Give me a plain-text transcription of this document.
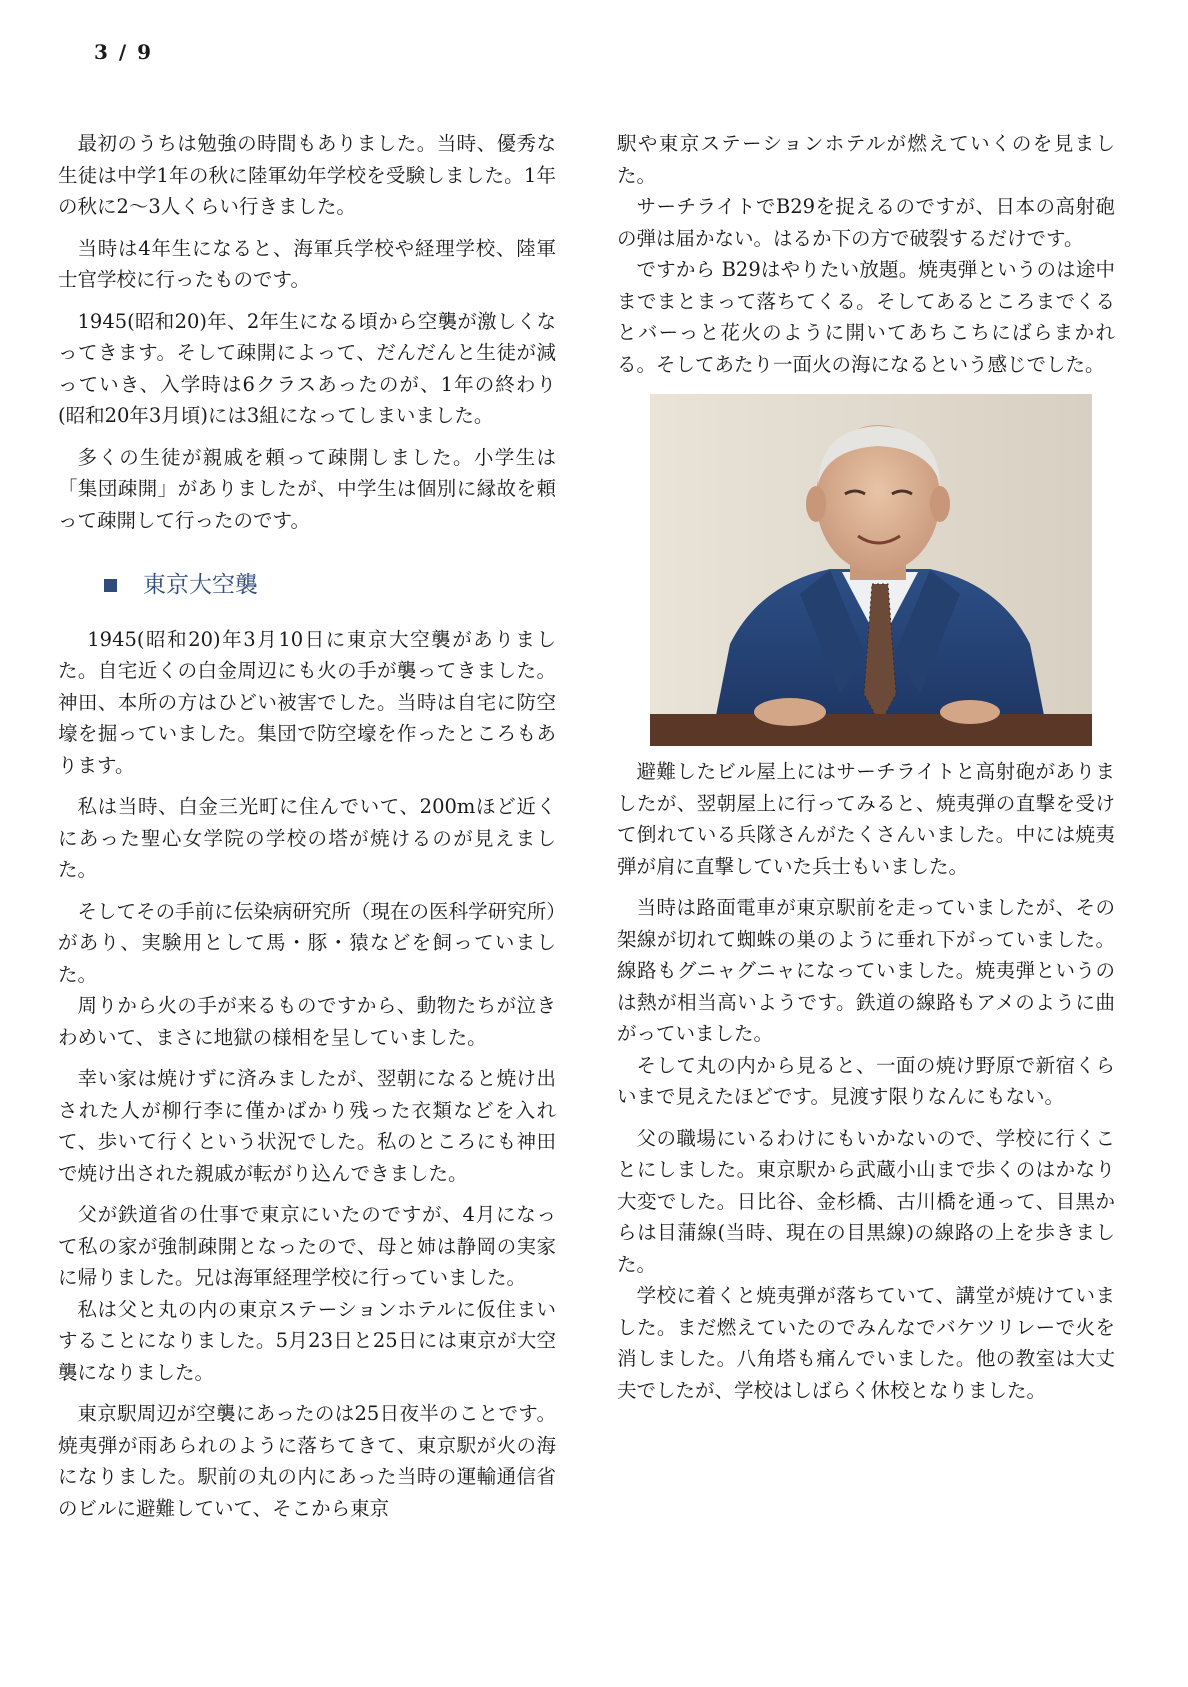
3 / 9

最初のうちは勉強の時間もありました。当時、優秀な生徒は中学1年の秋に陸軍幼年学校を受験しました。1年の秋に2〜3人くらい行きました。

当時は4年生になると、海軍兵学校や経理学校、陸軍士官学校に行ったものです。

1945(昭和20)年、2年生になる頃から空襲が激しくなってきます。そして疎開によって、だんだんと生徒が減っていき、入学時は6クラスあったのが、1年の終わり(昭和20年3月頃)には3組になってしまいました。

多くの生徒が親戚を頼って疎開しました。小学生は「集団疎開」がありましたが、中学生は個別に縁故を頼って疎開して行ったのです。

東京大空襲

1945(昭和20)年3月10日に東京大空襲がありました。自宅近くの白金周辺にも火の手が襲ってきました。神田、本所の方はひどい被害でした。当時は自宅に防空壕を掘っていました。集団で防空壕を作ったところもあります。

私は当時、白金三光町に住んでいて、200mほど近くにあった聖心女学院の学校の塔が焼けるのが見えました。

そしてその手前に伝染病研究所（現在の医科学研究所）があり、実験用として馬・豚・猿などを飼っていました。

周りから火の手が来るものですから、動物たちが泣きわめいて、まさに地獄の様相を呈していました。

幸い家は焼けずに済みましたが、翌朝になると焼け出された人が柳行李に僅かばかり残った衣類などを入れて、歩いて行くという状況でした。私のところにも神田で焼け出された親戚が転がり込んできました。

父が鉄道省の仕事で東京にいたのですが、4月になって私の家が強制疎開となったので、母と姉は静岡の実家に帰りました。兄は海軍経理学校に行っていました。

私は父と丸の内の東京ステーションホテルに仮住まいすることになりました。5月23日と25日には東京が大空襲になりました。

東京駅周辺が空襲にあったのは25日夜半のことです。焼夷弾が雨あられのように落ちてきて、東京駅が火の海になりました。駅前の丸の内にあった当時の運輸通信省のビルに避難していて、そこから東京

駅や東京ステーションホテルが燃えていくのを見ました。

サーチライトでB29を捉えるのですが、日本の高射砲の弾は届かない。はるか下の方で破裂するだけです。

ですから B29はやりたい放題。焼夷弾というのは途中までまとまって落ちてくる。そしてあるところまでくるとバーっと花火のように開いてあちこちにばらまかれる。そしてあたり一面火の海になるという感じでした。

避難したビル屋上にはサーチライトと高射砲がありましたが、翌朝屋上に行ってみると、焼夷弾の直撃を受けて倒れている兵隊さんがたくさんいました。中には焼夷弾が肩に直撃していた兵士もいました。

当時は路面電車が東京駅前を走っていましたが、その架線が切れて蜘蛛の巣のように垂れ下がっていました。線路もグニャグニャになっていました。焼夷弾というのは熱が相当高いようです。鉄道の線路もアメのように曲がっていました。

そして丸の内から見ると、一面の焼け野原で新宿くらいまで見えたほどです。見渡す限りなんにもない。

父の職場にいるわけにもいかないので、学校に行くことにしました。東京駅から武蔵小山まで歩くのはかなり大変でした。日比谷、金杉橋、古川橋を通って、目黒からは目蒲線(当時、現在の目黒線)の線路の上を歩きました。

学校に着くと焼夷弾が落ちていて、講堂が焼けていました。まだ燃えていたのでみんなでバケツリレーで火を消しました。八角塔も痛んでいました。他の教室は大丈夫でしたが、学校はしばらく休校となりました。
